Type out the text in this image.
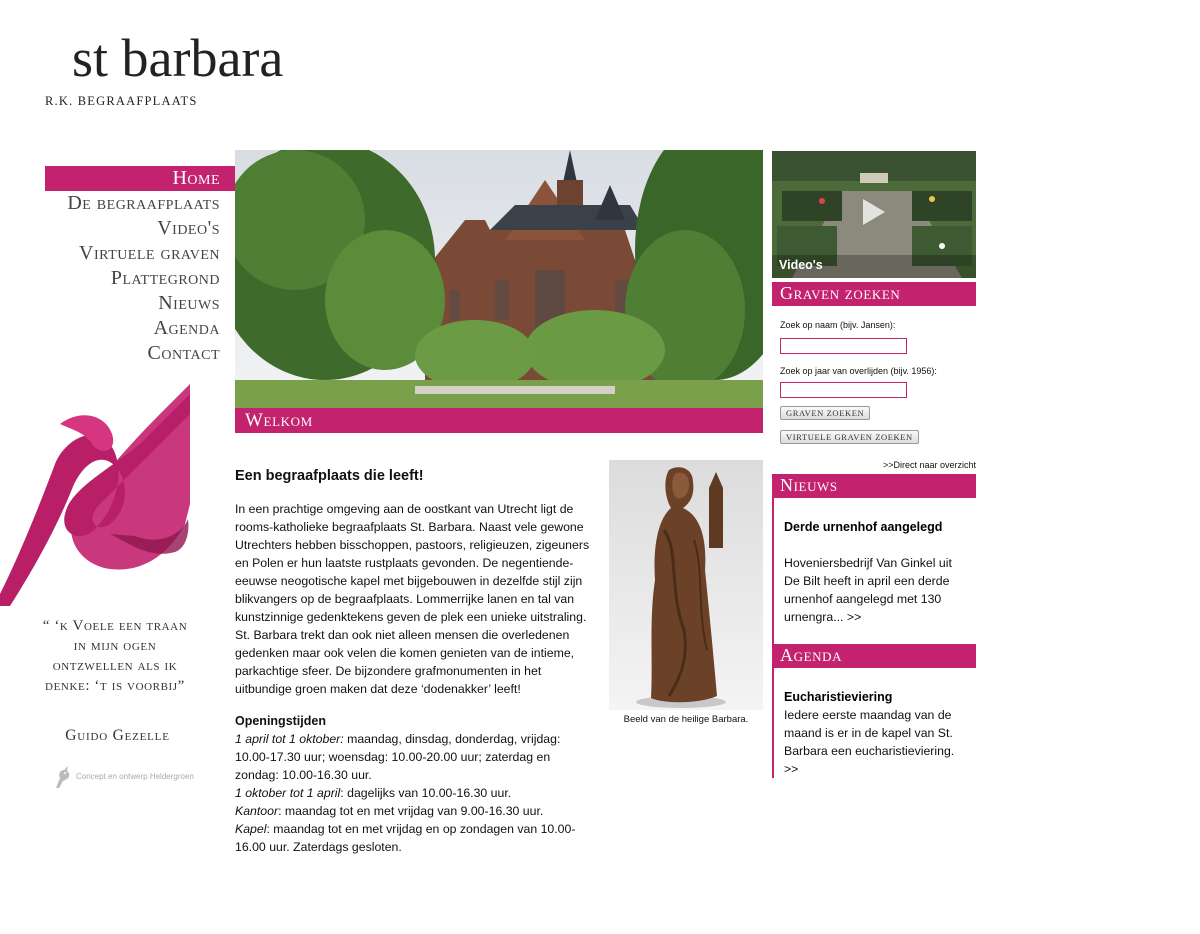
st barbara
R.K. BEGRAAFPLAATS
Home
De begraafplaats
Video's
Virtuele graven
Plattegrond
Nieuws
Agenda
Contact
“ ‘k Voele een traan in mijn ogen ontzwellen als ik denke: ‘t is voorbij”
Guido Gezelle
Concept en ontwerp Heldergroen
Welkom
Een begraafplaats die leeft!

In een prachtige omgeving aan de oostkant van Utrecht ligt de rooms-katholieke begraafplaats St. Barbara. Naast vele gewone Utrechters hebben bisschoppen, pastoors, religieuzen, zigeuners en Polen er hun laatste rustplaats gevonden. De negentiende-eeuwse neogotische kapel met bijgebouwen in dezelfde stijl zijn blikvangers op de begraafplaats. Lommerrijke lanen en tal van kunstzinnige gedenktekens geven de plek een unieke uitstraling.

St. Barbara trekt dan ook niet alleen mensen die overledenen gedenken maar ook velen die komen genieten van de intieme, parkachtige sfeer. De bijzondere grafmonumenten in het uitbundige groen maken dat deze ‘dodenakker’ leeft!

Openingstijden

1 april tot 1 oktober: maandag, dinsdag, donderdag, vrijdag: 10.00-17.30 uur; woensdag: 10.00-20.00 uur; zaterdag en zondag: 10.00-16.30 uur.

1 oktober tot 1 april: dagelijks van 10.00-16.30 uur.

Kantoor: maandag tot en met vrijdag van 9.00-16.30 uur.

Kapel: maandag tot en met vrijdag en op zondagen van 10.00-16.00 uur. Zaterdags gesloten.

Beeld van de heilige Barbara.
Video's
Graven zoeken
Zoek op naam (bijv. Jansen):
Zoek op jaar van overlijden (bijv. 1956):
GRAVEN ZOEKEN
VIRTUELE GRAVEN ZOEKEN
>>Direct naar overzicht
Nieuws
Derde urnenhof aangelegd
Hoveniersbedrijf Van Ginkel uit De Bilt heeft in april een derde urnenhof aangelegd met 130 urnengra... >>
Agenda
Eucharistieviering
Iedere eerste maandag van de maand is er in de kapel van St. Barbara een eucharistieviering. >>
